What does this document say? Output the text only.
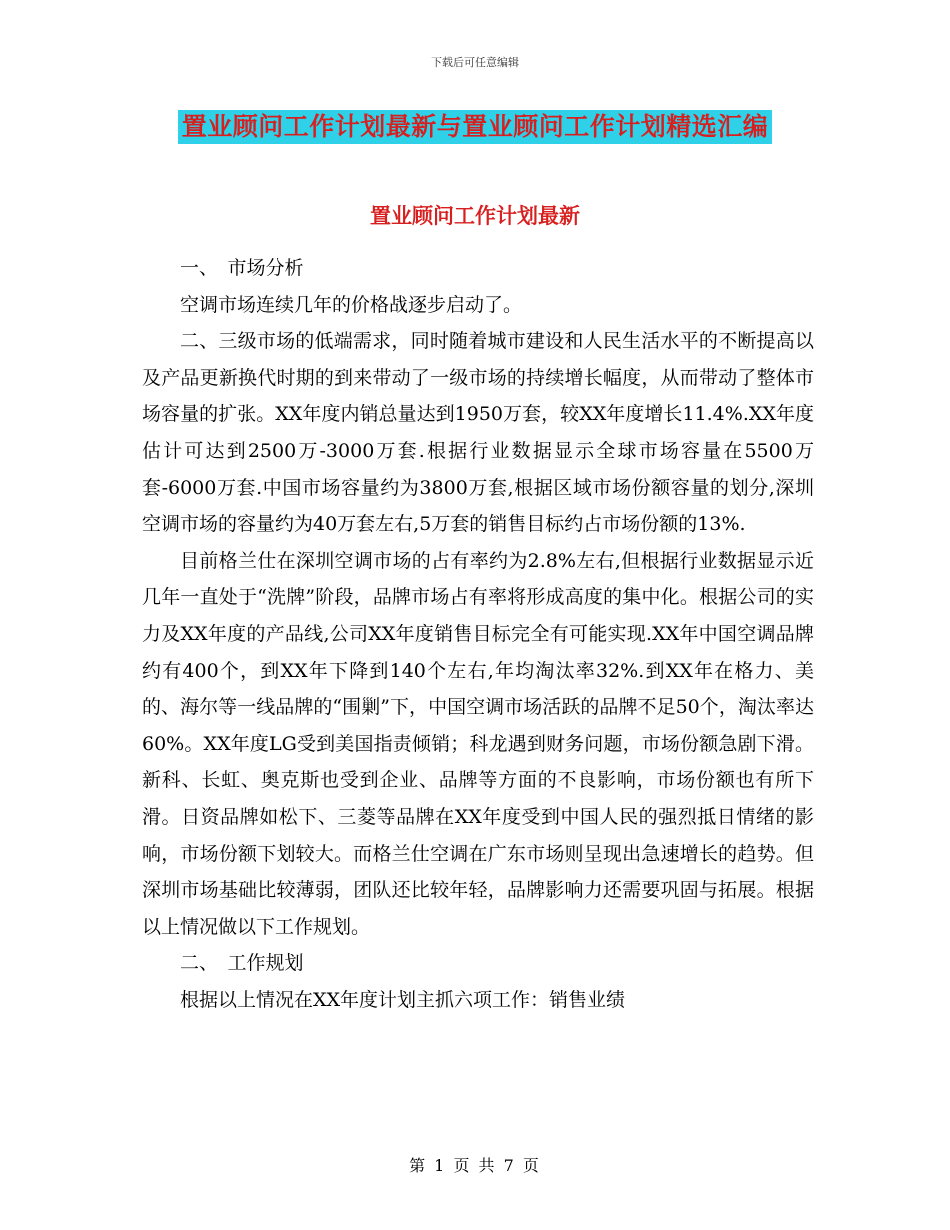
下载后可任意编辑
置业顾问工作计划最新与置业顾问工作计划精选汇编
置业顾问工作计划最新

一、　市场分析

空调市场连续几年的价格战逐步启动了。

二、三级市场的低端需求，同时随着城市建设和人民生活水平的不断提高以及产品更新换代时期的到来带动了一级市场的持续增长幅度，从而带动了整体市场容量的扩张。XX年度内销总量达到1950万套，较XX年度增长11.4%.XX年度估计可达到2500万-3000万套.根据行业数据显示全球市场容量在5500万套-6000万套.中国市场容量约为3800万套,根据区域市场份额容量的划分,深圳空调市场的容量约为40万套左右,5万套的销售目标约占市场份额的13%.

目前格兰仕在深圳空调市场的占有率约为2.8%左右,但根据行业数据显示近几年一直处于“洗牌”阶段，品牌市场占有率将形成高度的集中化。根据公司的实力及XX年度的产品线,公司XX年度销售目标完全有可能实现.XX年中国空调品牌约有400个，到XX年下降到140个左右,年均淘汰率32%.到XX年在格力、美的、海尔等一线品牌的“围剿”下，中国空调市场活跃的品牌不足50个，淘汰率达60%。XX年度LG受到美国指责倾销；科龙遇到财务问题，市场份额急剧下滑。新科、长虹、奥克斯也受到企业、品牌等方面的不良影响，市场份额也有所下滑。日资品牌如松下、三菱等品牌在XX年度受到中国人民的强烈抵日情绪的影响，市场份额下划较大。而格兰仕空调在广东市场则呈现出急速增长的趋势。但深圳市场基础比较薄弱，团队还比较年轻，品牌影响力还需要巩固与拓展。根据以上情况做以下工作规划。

二、　工作规划

根据以上情况在XX年度计划主抓六项工作：销售业绩

第 1 页 共 7 页
